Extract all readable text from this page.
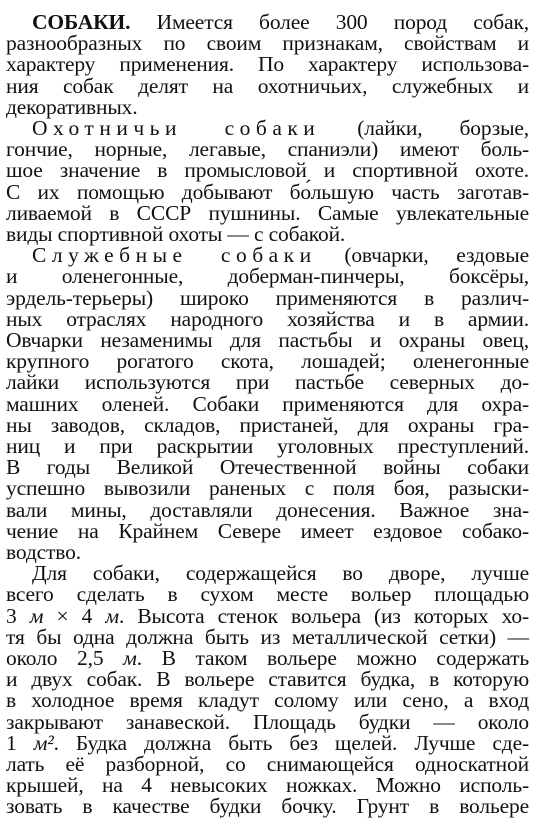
СОБАКИ. Имеется более 300 пород собак,
разнообразных по своим признакам, свойствам и
характеру применения. По характеру использова-
ния собак делят на охотничьих, служебных и
декоративных.
Охотничьи собаки (лайки, борзые,
гончие, норные, легавые, спаниэли) имеют боль-
шое значение в промысловой и спортивной охоте.
С их помощью добывают бо́льшую часть заготав-
ливаемой в СССР пушнины. Самые увлекательные
виды спортивной охоты — с собакой.
Служебные собаки (овчарки, ездовые
и оленегонные, доберман-пинчеры, боксёры,
эрдель-терьеры) широко применяются в различ-
ных отраслях народного хозяйства и в армии.
Овчарки незаменимы для пастьбы и охраны овец,
крупного рогатого скота, лошадей; оленегонные
лайки используются при пастьбе северных до-
машних оленей. Собаки применяются для охра-
ны заводов, складов, пристаней, для охраны гра-
ниц и при раскрытии уголовных преступлений.
В годы Великой Отечественной войны собаки
успешно вывозили раненых с поля боя, разыски-
вали мины, доставляли донесения. Важное зна-
чение на Крайнем Севере имеет ездовое собако-
водство.
Для собаки, содержащейся во дворе, лучше
всего сделать в сухом месте вольер площадью
3 м × 4 м. Высота стенок вольера (из которых хо-
тя бы одна должна быть из металлической сетки) —
около 2,5 м. В таком вольере можно содержать
и двух собак. В вольере ставится будка, в которую
в холодное время кладут солому или сено, а вход
закрывают занавеской. Площадь будки — около
1 м². Будка должна быть без щелей. Лучше сде-
лать её разборной, со снимающейся односкатной
крышей, на 4 невысоких ножках. Можно исполь-
зовать в качестве будки бочку. Грунт в вольере
